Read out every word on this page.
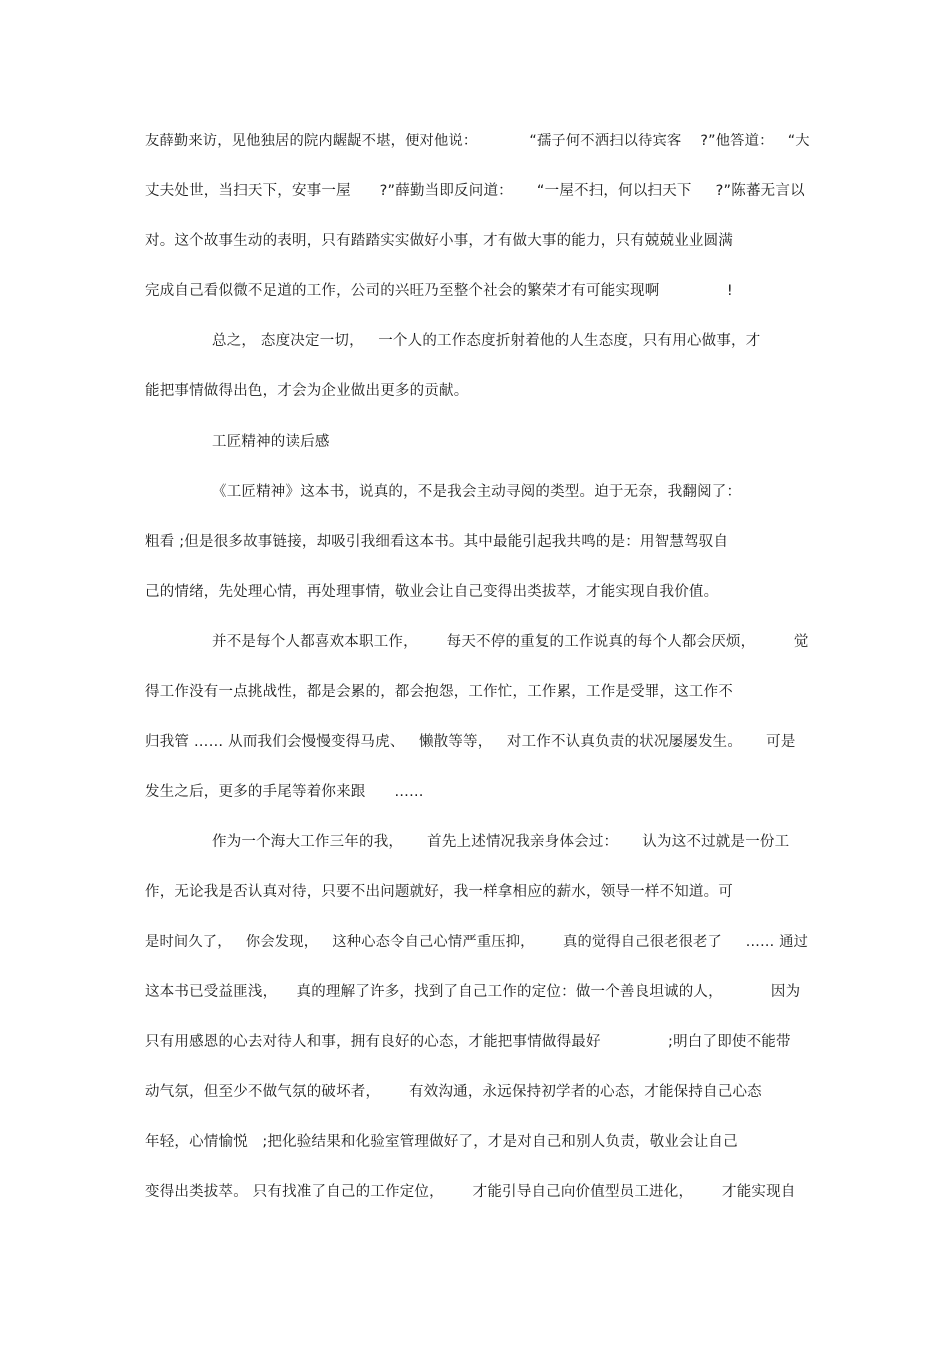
友薛勤来访，见他独居的院内龌龊不堪，便对他说：           “孺子何不洒扫以待宾客    ?”他答道：   “大
丈夫处世，当扫天下，安事一屋      ?”薛勤当即反问道：     “一屋不扫，何以扫天下     ?”陈蕃无言以
对。这个故事生动的表明，只有踏踏实实做好小事，才有做大事的能力，只有兢兢业业圆满
完成自己看似微不足道的工作，公司的兴旺乃至整个社会的繁荣才有可能实现啊              !
总之， 态度决定一切，   一个人的工作态度折射着他的人生态度，只有用心做事，才
能把事情做得出色，才会为企业做出更多的贡献。
工匠精神的读后感
《工匠精神》这本书，说真的，不是我会主动寻阅的类型。迫于无奈，我翻阅了：
粗看 ;但是很多故事链接，却吸引我细看这本书。其中最能引起我共鸣的是：用智慧驾驭自
己的情绪，先处理心情，再处理事情，敬业会让自己变得出类拔萃，才能实现自我价值。
并不是每个人都喜欢本职工作，      每天不停的重复的工作说真的每个人都会厌烦，        觉
得工作没有一点挑战性，都是会累的，都会抱怨，工作忙，工作累，工作是受罪，这工作不
归我管 …… 从而我们会慢慢变得马虎、   懒散等等，   对工作不认真负责的状况屡屡发生。     可是
发生之后，更多的手尾等着你来跟      ……
作为一个海大工作三年的我，     首先上述情况我亲身体会过：     认为这不过就是一份工
作，无论我是否认真对待，只要不出问题就好，我一样拿相应的薪水，领导一样不知道。可
是时间久了，   你会发现，   这种心态令自己心情严重压抑，      真的觉得自己很老很老了     …… 通过
这本书已受益匪浅，    真的理解了许多，找到了自己工作的定位：做一个善良坦诚的人，          因为
只有用感恩的心去对待人和事，拥有良好的心态，才能把事情做得最好              ;明白了即使不能带
动气氛，但至少不做气氛的破坏者，      有效沟通，永远保持初学者的心态，才能保持自己心态
年轻，心情愉悦   ;把化验结果和化验室管理做好了，才是对自己和别人负责，敬业会让自己
变得出类拔萃。 只有找准了自己的工作定位，      才能引导自己向价值型员工进化，      才能实现自
